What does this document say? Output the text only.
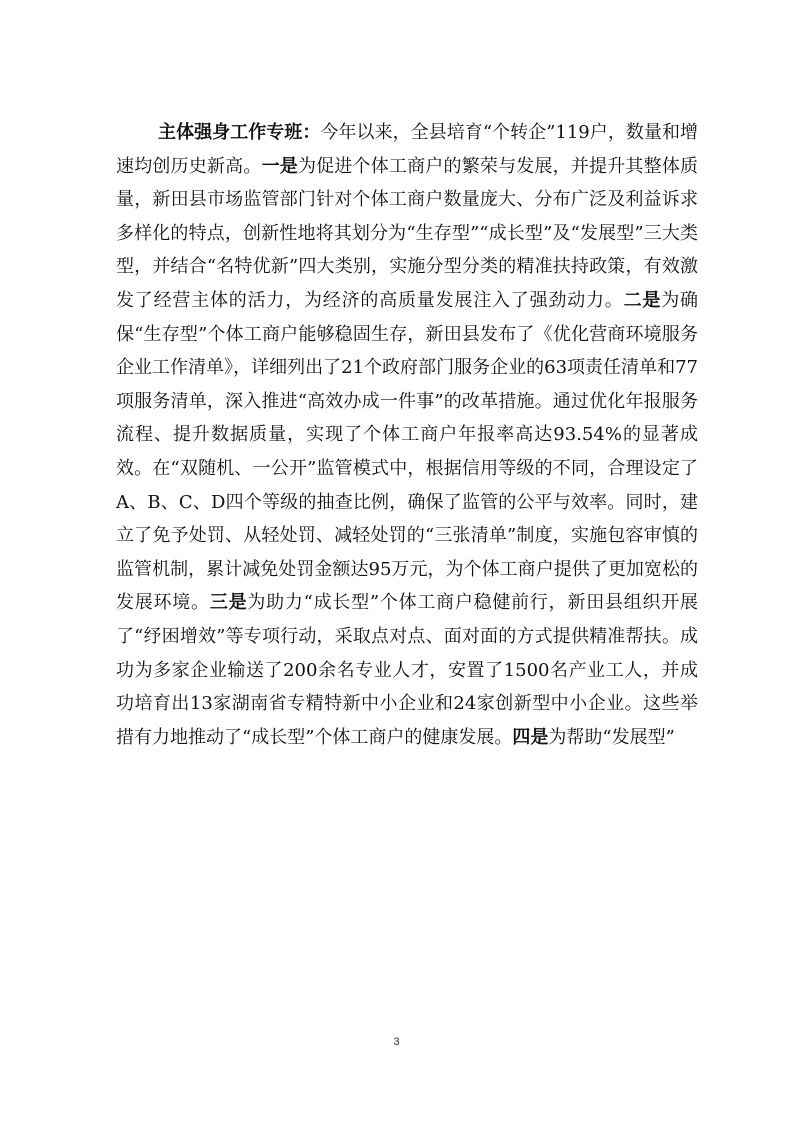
主体强身工作专班：今年以来，全县培育“个转企”119户，数量和增速均创历史新高。一是为促进个体工商户的繁荣与发展，并提升其整体质量，新田县市场监管部门针对个体工商户数量庞大、分布广泛及利益诉求多样化的特点，创新性地将其划分为“生存型”“成长型”及“发展型”三大类型，并结合“名特优新”四大类别，实施分型分类的精准扶持政策，有效激发了经营主体的活力，为经济的高质量发展注入了强劲动力。二是为确保“生存型”个体工商户能够稳固生存，新田县发布了《优化营商环境服务企业工作清单》，详细列出了21个政府部门服务企业的63项责任清单和77项服务清单，深入推进“高效办成一件事”的改革措施。通过优化年报服务流程、提升数据质量，实现了个体工商户年报率高达93.54%的显著成效。在“双随机、一公开”监管模式中，根据信用等级的不同，合理设定了A、B、C、D四个等级的抽查比例，确保了监管的公平与效率。同时，建立了免予处罚、从轻处罚、减轻处罚的“三张清单”制度，实施包容审慎的监管机制，累计减免处罚金额达95万元，为个体工商户提供了更加宽松的发展环境。三是为助力“成长型”个体工商户稳健前行，新田县组织开展了“纾困增效”等专项行动，采取点对点、面对面的方式提供精准帮扶。成功为多家企业输送了200余名专业人才，安置了1500名产业工人，并成功培育出13家湖南省专精特新中小企业和24家创新型中小企业。这些举措有力地推动了“成长型”个体工商户的健康发展。四是为帮助“发展型”
3
